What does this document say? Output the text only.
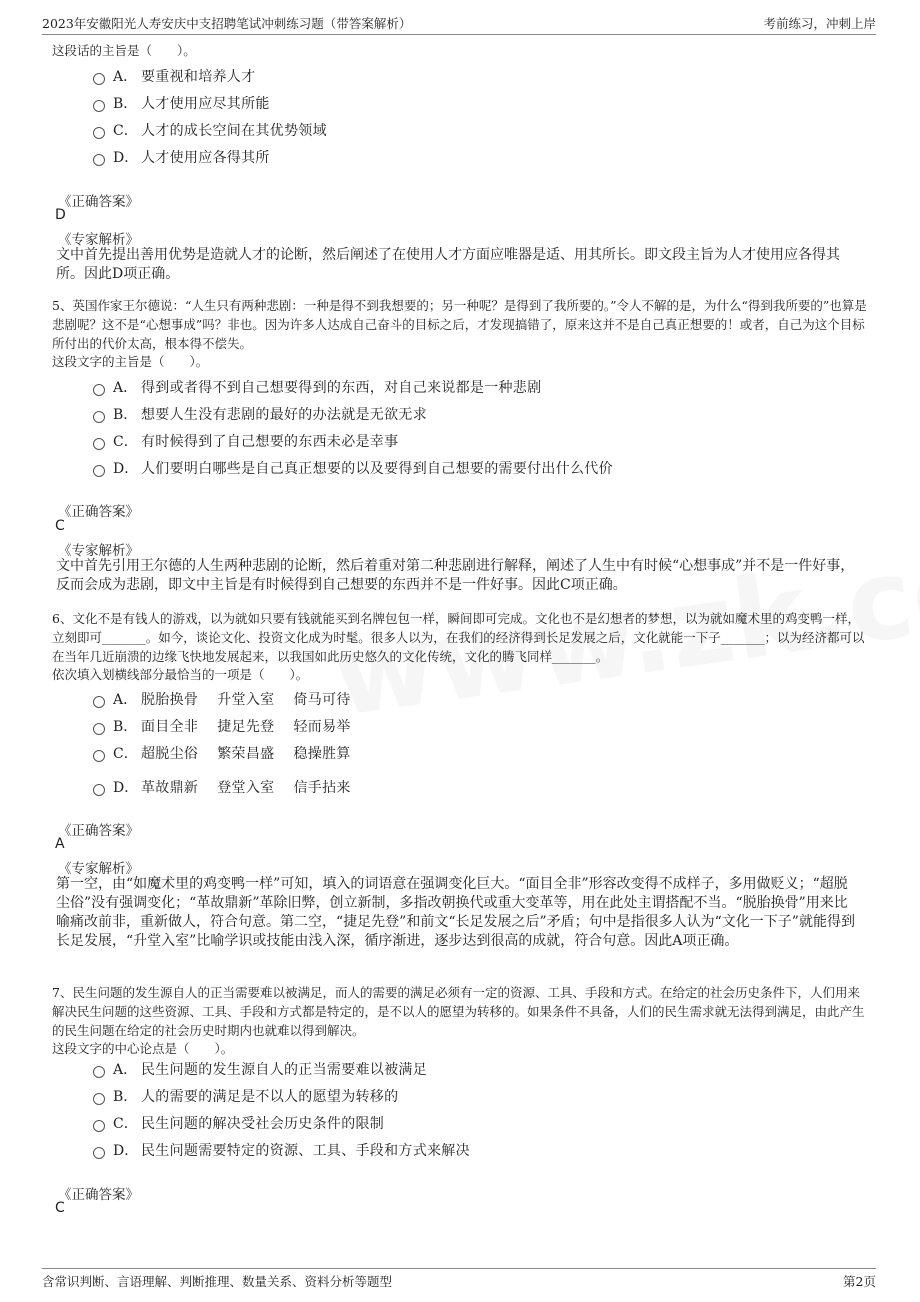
2023年安徽阳光人寿安庆中支招聘笔试冲刺练习题（带答案解析）	考前练习，冲刺上岸

这段话的主旨是（　　）。

A． 要重视和培养人才
B． 人才使用应尽其所能
C． 人才的成长空间在其优势领域
D． 人才使用应各得其所
《正确答案》
D
《专家解析》

文中首先提出善用优势是造就人才的论断，然后阐述了在使用人才方面应唯器是适、用其所长。即文段主旨为人才使用应各得其所。因此D项正确。

5、英国作家王尔德说：“人生只有两种悲剧：一种是得不到我想要的；另一种呢？是得到了我所要的。”令人不解的是，为什么“得到我所要的”也算是悲剧呢？这不是“心想事成”吗？非也。因为许多人达成自己奋斗的目标之后，才发现搞错了，原来这并不是自己真正想要的！或者，自己为这个目标所付出的代价太高，根本得不偿失。

这段文字的主旨是（　　）。

A． 得到或者得不到自己想要得到的东西，对自己来说都是一种悲剧
B． 想要人生没有悲剧的最好的办法就是无欲无求
C． 有时候得到了自己想要的东西未必是幸事
D． 人们要明白哪些是自己真正想要的以及要得到自己想要的需要付出什么代价
《正确答案》
C
《专家解析》

文中首先引用王尔德的人生两种悲剧的论断，然后着重对第二种悲剧进行解释，阐述了人生中有时候“心想事成”并不是一件好事，反而会成为悲剧，即文中主旨是有时候得到自己想要的东西并不是一件好事。因此C项正确。

6、文化不是有钱人的游戏，以为就如只要有钱就能买到名牌包包一样，瞬间即可完成。文化也不是幻想者的梦想，以为就如魔术里的鸡变鸭一样，立刻即可_______。如今，谈论文化、投资文化成为时髦。很多人以为，在我们的经济得到长足发展之后，文化就能一下子_______；以为经济都可以在当年几近崩溃的边缘飞快地发展起来，以我国如此历史悠久的文化传统，文化的腾飞同样_______。

依次填入划横线部分最恰当的一项是（　　）。

A． 脱胎换骨　 升堂入室　 倚马可待
B． 面目全非　 捷足先登　 轻而易举
C． 超脱尘俗　 繁荣昌盛　 稳操胜算
D． 革故鼎新　 登堂入室　 信手拈来
《正确答案》
A
《专家解析》

第一空，由“如魔术里的鸡变鸭一样”可知，填入的词语意在强调变化巨大。“面目全非”形容改变得不成样子，多用做贬义；“超脱尘俗”没有强调变化；“革故鼎新”革除旧弊，创立新制，多指改朝换代或重大变革等，用在此处主谓搭配不当。“脱胎换骨”用来比喻痛改前非，重新做人，符合句意。第二空，“捷足先登”和前文“长足发展之后”矛盾；句中是指很多人认为“文化一下子”就能得到长足发展，“升堂入室”比喻学识或技能由浅入深，循序渐进，逐步达到很高的成就，符合句意。因此A项正确。

7、民生问题的发生源自人的正当需要难以被满足，而人的需要的满足必须有一定的资源、工具、手段和方式。在给定的社会历史条件下，人们用来解决民生问题的这些资源、工具、手段和方式都是特定的，是不以人的愿望为转移的。如果条件不具备，人们的民生需求就无法得到满足，由此产生的民生问题在给定的社会历史时期内也就难以得到解决。

这段文字的中心论点是（　　）。

A． 民生问题的发生源自人的正当需要难以被满足
B． 人的需要的满足是不以人的愿望为转移的
C． 民生问题的解决受社会历史条件的限制
D． 民生问题需要特定的资源、工具、手段和方式来解决
《正确答案》
C
含常识判断、言语理解、判断推理、数量关系、资料分析等题型	第2页
